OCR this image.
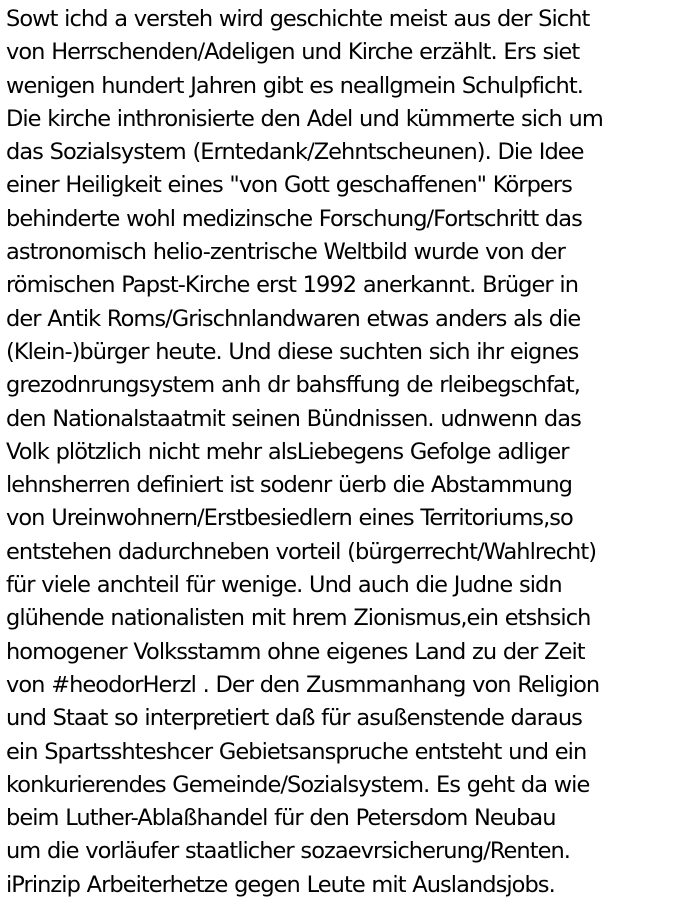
Sowt ichd a versteh wird geschichte meist aus der Sicht
von Herrschenden/Adeligen und Kirche erzählt. Ers siet
wenigen hundert Jahren gibt es neallgmein Schulpficht.
Die kirche inthronisierte den Adel und kümmerte sich um
das Sozialsystem (Erntedank/Zehntscheunen). Die Idee
einer Heiligkeit eines "von Gott geschaffenen" Körpers
behinderte wohl medizinsche Forschung/Fortschritt das
astronomisch helio-zentrische Weltbild wurde von der
römischen Papst-Kirche erst 1992 anerkannt. Brüger in
der Antik Roms/Grischnlandwaren etwas anders als die
(Klein-)bürger heute. Und diese suchten sich ihr eignes
grezodnrungsystem anh dr bahsffung de rleibegschfat,
den Nationalstaatmit seinen Bündnissen. udnwenn das
Volk plötzlich nicht mehr alsLiebegens Gefolge adliger
lehnsherren definiert ist sodenr üerb die Abstammung
von Ureinwohnern/Erstbesiedlern eines Territoriums,so
entstehen dadurchneben vorteil (bürgerrecht/Wahlrecht)
für viele anchteil für wenige. Und auch die Judne sidn
glühende nationalisten mit hrem Zionismus,ein etshsich
homogener Volksstamm ohne eigenes Land zu der Zeit
von #heodorHerzl . Der den Zusmmanhang von Religion
und Staat so interpretiert daß für asußenstende daraus
ein Spartsshteshcer Gebietsanspruche entsteht und ein
konkurierendes Gemeinde/Sozialsystem. Es geht da wie
beim Luther-Ablaßhandel für den Petersdom Neubau
um die vorläufer staatlicher sozaevrsicherung/Renten.
iPrinzip Arbeiterhetze gegen Leute mit Auslandsjobs.
